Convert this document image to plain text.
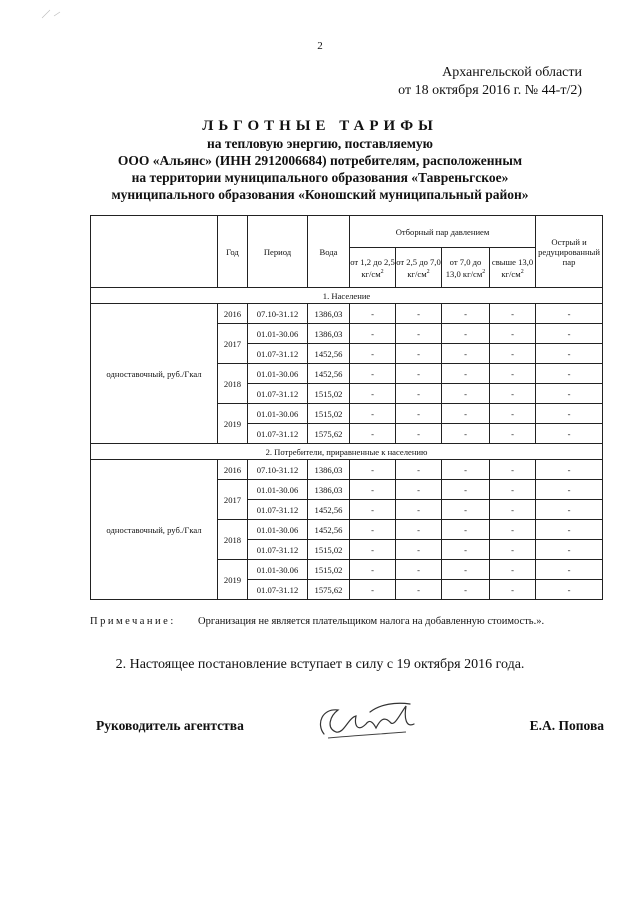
2
Архангельской области
от 18 октября 2016 г. № 44-т/2)
ЛЬГОТНЫЕ ТАРИФЫ
на тепловую энергию, поставляемую
ООО «Альянс» (ИНН 2912006684) потребителям, расположенным
на территории муниципального образования «Тавреньгское»
муниципального образования «Коношский муниципальный район»
	Год	Период	Вода	Отборный пар давлением				Острый и редуцированный пар
				от 1,2 до 2,5 $кг/см^2$	от 2,5 до 7,0 $кг/см^2$	от 7,0 до 13,0 $кг/см^2$	свыше 13,0 $кг/см^2$
1. Население								
одноставочный, руб./Гкал	2016	07.10-31.12	1386,03	-	-	-	-	-
	2017	01.01-30.06	1386,03	-	-	-	-	-
		01.07-31.12	1452,56	-	-	-	-	-
	2018	01.01-30.06	1452,56	-	-	-	-	-
		01.07-31.12	1515,02	-	-	-	-	-
	2019	01.01-30.06	1515,02	-	-	-	-	-
		01.07-31.12	1575,62	-	-	-	-	-
2. Потребители, приравненные к населению								
одноставочный, руб./Гкал	2016	07.10-31.12	1386,03	-	-	-	-	-
	2017	01.01-30.06	1386,03	-	-	-	-	-
		01.07-31.12	1452,56	-	-	-	-	-
	2018	01.01-30.06	1452,56	-	-	-	-	-
		01.07-31.12	1515,02	-	-	-	-	-
	2019	01.01-30.06	1515,02	-	-	-	-	-
		01.07-31.12	1575,62	-	-	-	-	-
Примечание:	Организация не является плательщиком налога на добавленную стоимость.».
2. Настоящее постановление вступает в силу с 19 октября 2016 года.
Руководитель агентства	Е.А. Попова
